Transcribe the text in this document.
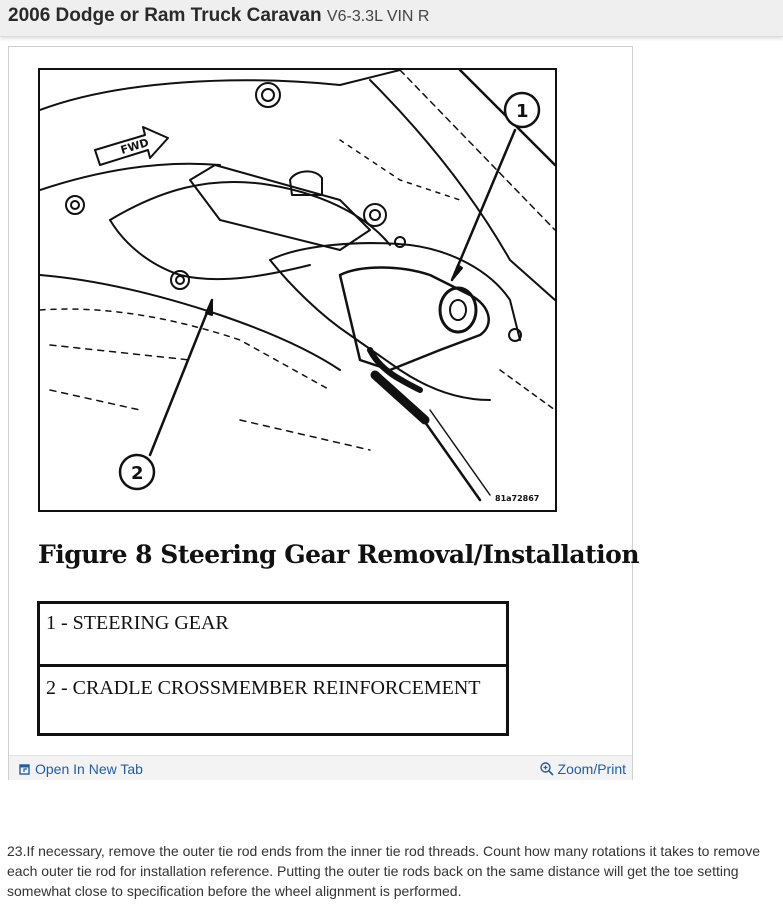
2006 Dodge or Ram Truck Caravan V6-3.3L VIN R
FWD
1
2
81a72867
Figure 8 Steering Gear Removal/Installation
1 - STEERING GEAR
2 - CRADLE CROSSMEMBER REINFORCEMENT
Open In New Tab	Zoom/Print
23.If necessary, remove the outer tie rod ends from the inner tie rod threads. Count how many rotations it takes to remove each outer tie rod for installation reference. Putting the outer tie rods back on the same distance will get the toe setting somewhat close to specification before the wheel alignment is performed.
